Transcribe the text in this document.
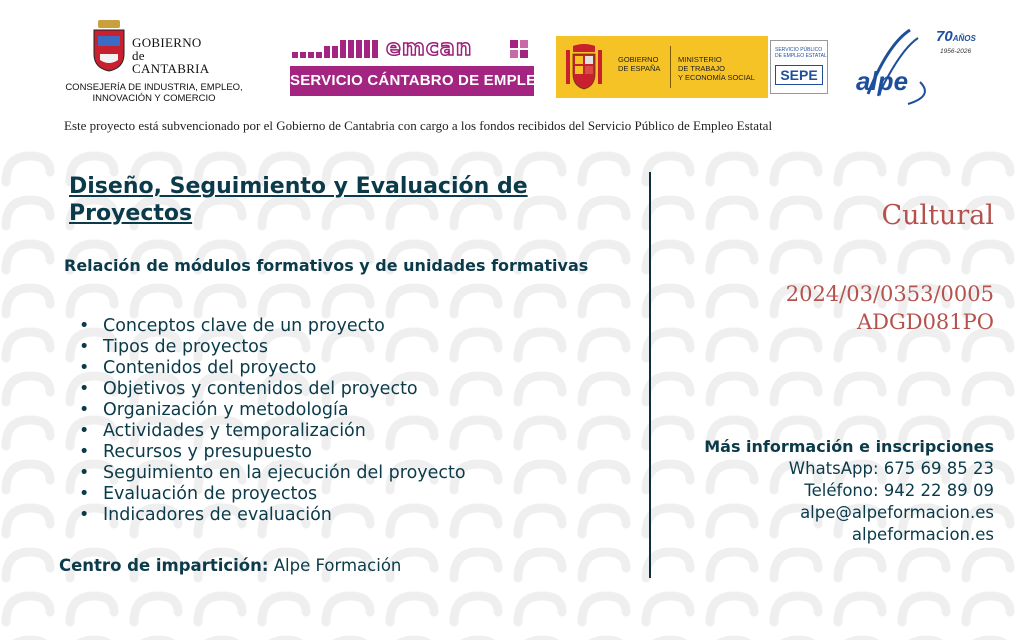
GOBIERNO
de
CANTABRIA
CONSEJERÍA DE INDUSTRIA, EMPLEO,
INNOVACIÓN Y COMERCIO
emcan
SERVICIO CÁNTABRO DE EMPLEO
GOBIERNO
DE ESPAÑA
MINISTERIO
DE TRABAJO
Y ECONOMÍA SOCIAL
SERVICIO PÚBLICO
DE EMPLEO ESTATAL
SEPE
70AÑOS
1956-2026
alpe
Este proyecto está subvencionado por el Gobierno de Cantabria con cargo a los fondos recibidos del Servicio Público de Empleo Estatal
Diseño, Seguimiento y Evaluación de Proyectos
Relación de módulos formativos y de unidades formativas
• Conceptos clave de un proyecto
• Tipos de proyectos
• Contenidos del proyecto
• Objetivos y contenidos del proyecto
• Organización y metodología
• Actividades y temporalización
• Recursos y presupuesto
• Seguimiento en la ejecución del proyecto
• Evaluación de proyectos
• Indicadores de evaluación
Centro de impartición: Alpe Formación
Cultural
2024/03/0353/0005
ADGD081PO
Más información e inscripciones
WhatsApp: 675 69 85 23
Teléfono: 942 22 89 09
alpe@alpeformacion.es
alpeformacion.es
